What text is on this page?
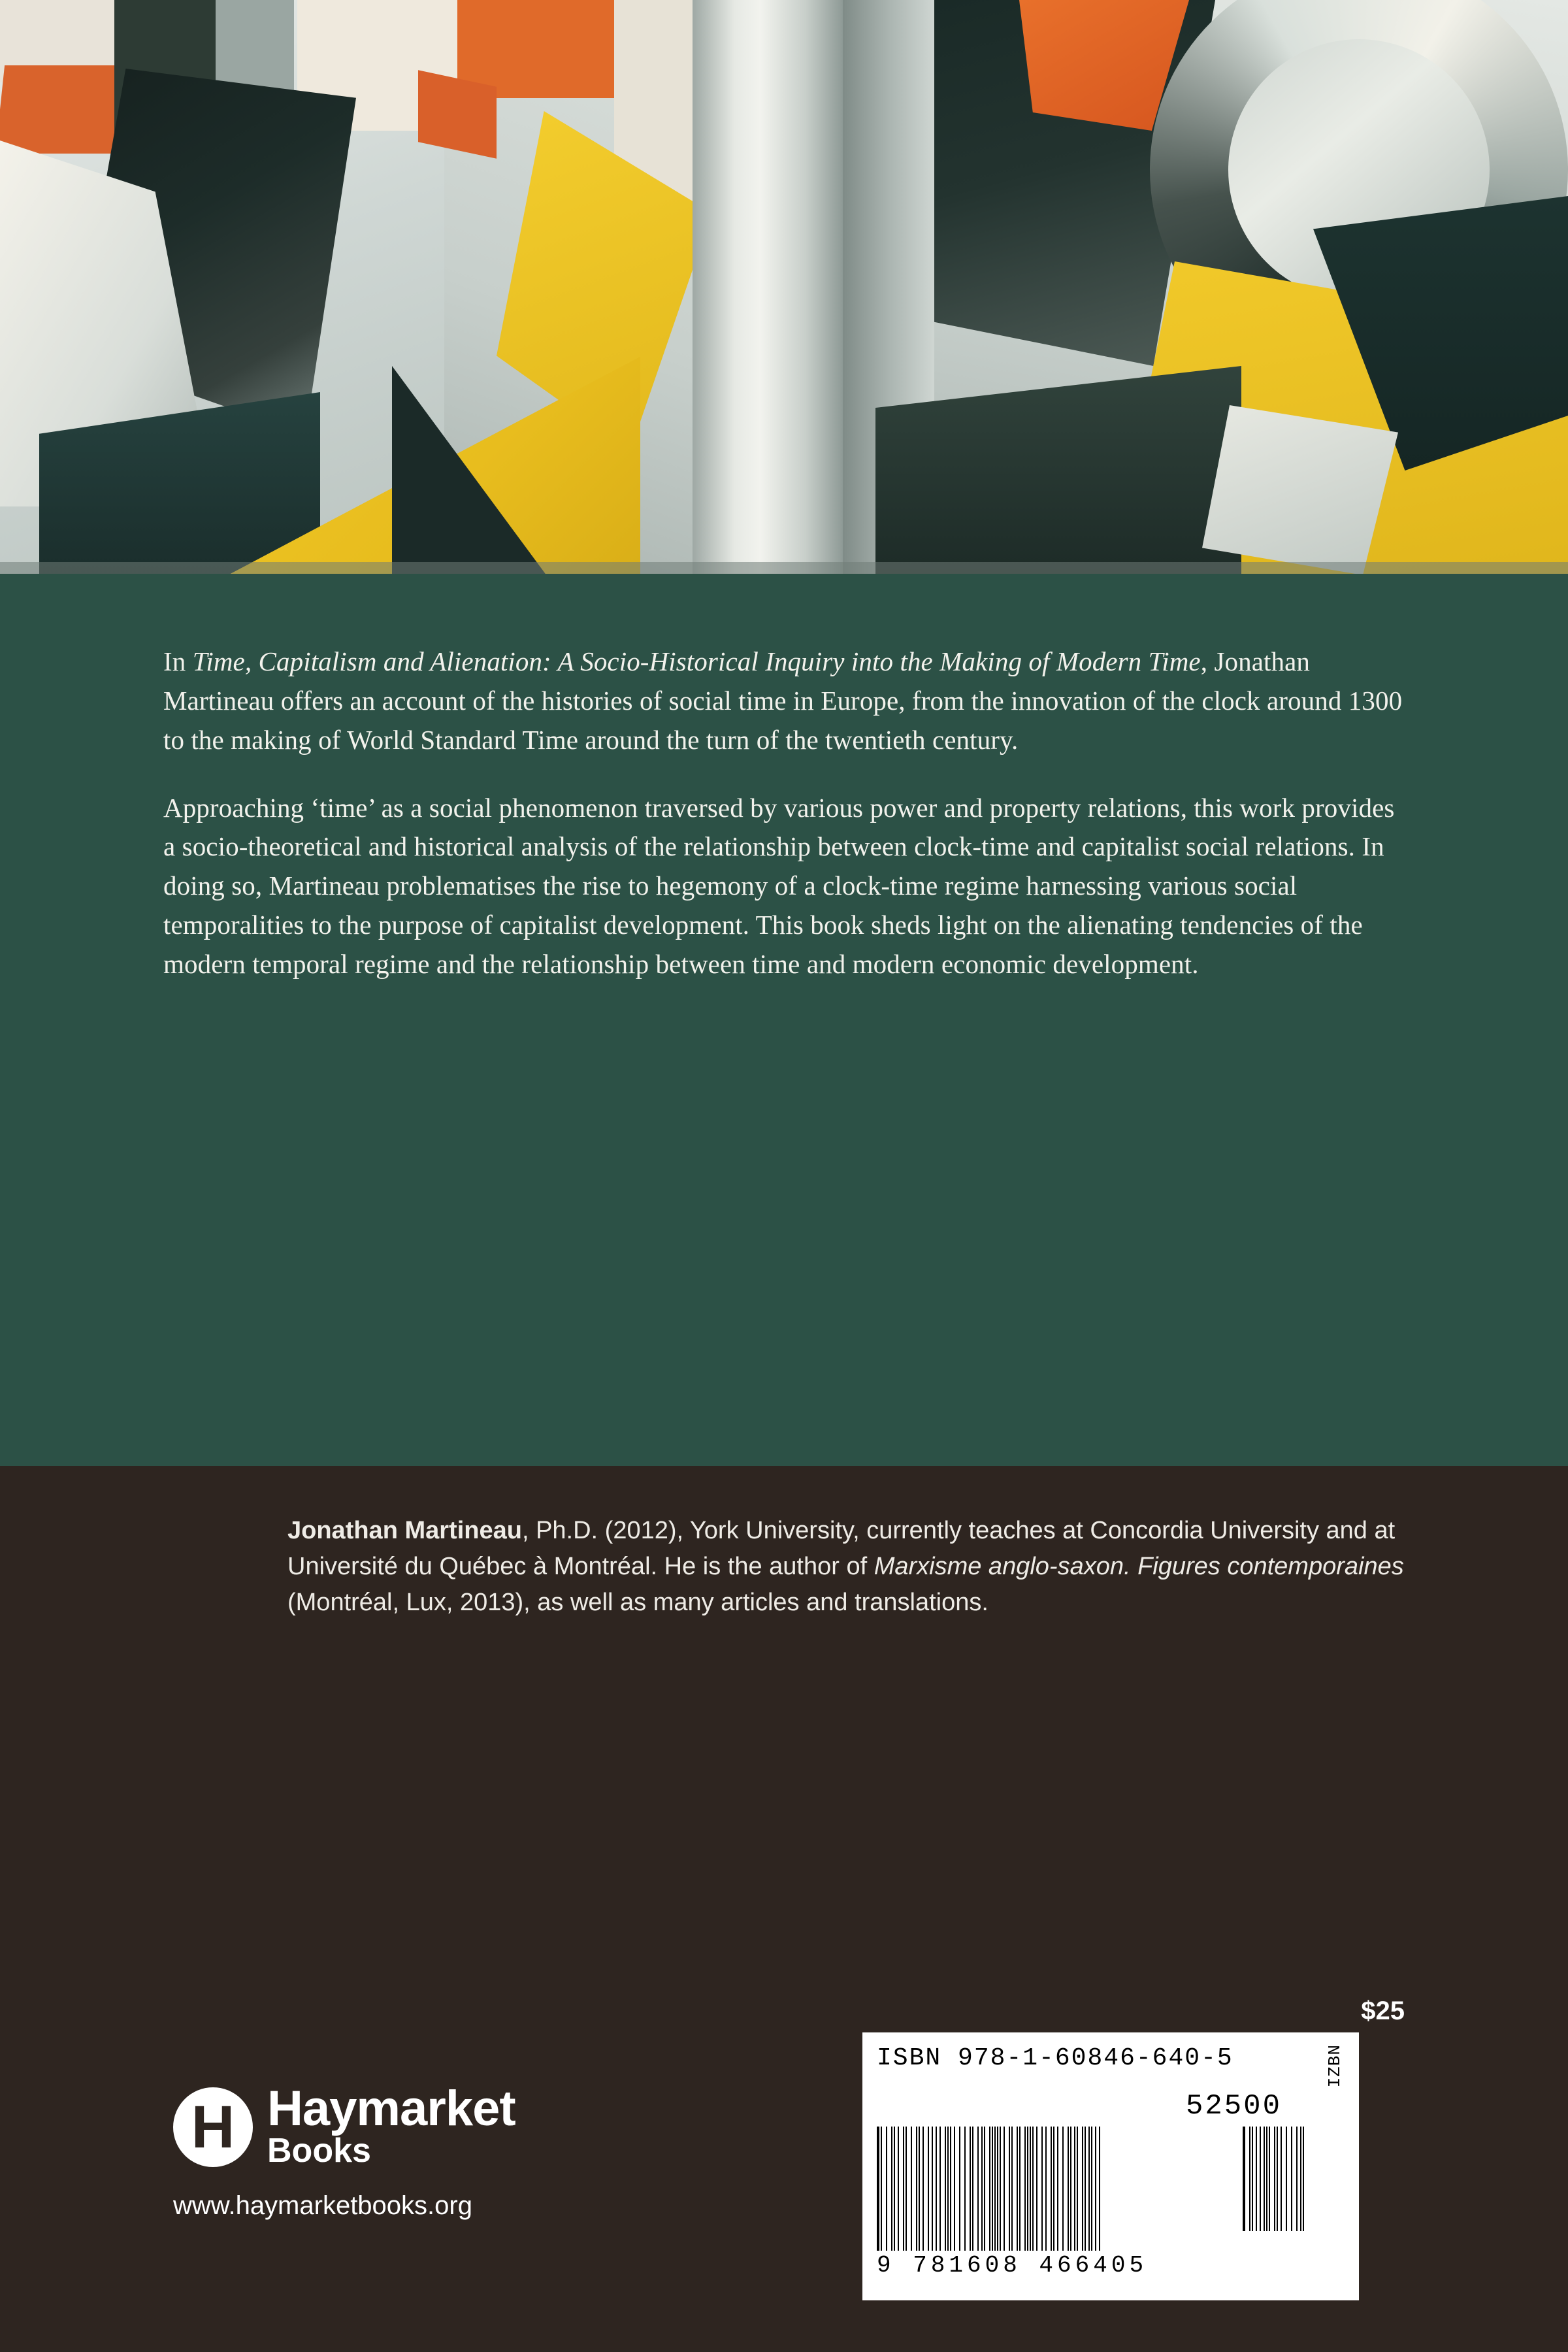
In Time, Capitalism and Alienation: A Socio-Historical Inquiry into the Making of Modern Time, Jonathan Martineau offers an account of the histories of social time in Europe, from the innovation of the clock around 1300 to the making of World Standard Time around the turn of the twentieth century.

Approaching ‘time’ as a social phenomenon traversed by various power and property relations, this work provides a socio-theoretical and historical analysis of the relationship between clock-time and capitalist social relations. In doing so, Martineau problematises the rise to hegemony of a clock-time regime harnessing various social temporalities to the purpose of capitalist development. This book sheds light on the alienating tendencies of the modern temporal regime and the relationship between time and modern economic development.

Jonathan Martineau, Ph.D. (2012), York University, currently teaches at Concordia University and at Université du Québec à Montréal. He is the author of Marxisme anglo-saxon. Figures contemporaines (Montréal, Lux, 2013), as well as many articles and translations.

$25
ISBN 978-1-60846-640-5	IZBN
52500
9 781608 466405
H Haymarket
Books
www.haymarketbooks.org
